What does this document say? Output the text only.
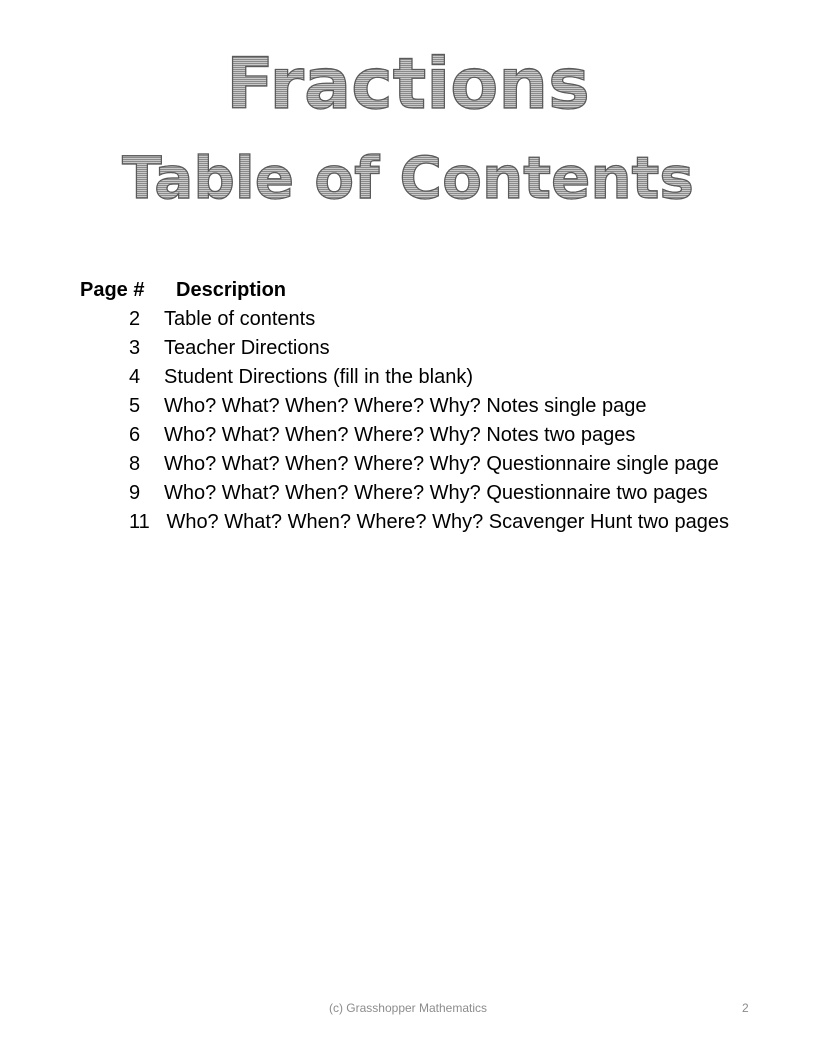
Fractions
Table of Contents
Page # Description
2 Table of contents
3 Teacher Directions
4 Student Directions (fill in the blank)
5 Who? What? When? Where? Why? Notes single page
6 Who? What? When? Where? Why? Notes two pages
8 Who? What? When? Where? Why? Questionnaire single page
9 Who? What? When? Where? Why? Questionnaire two pages
11 Who? What? When? Where? Why? Scavenger Hunt two pages
(c) Grasshopper Mathematics	2
